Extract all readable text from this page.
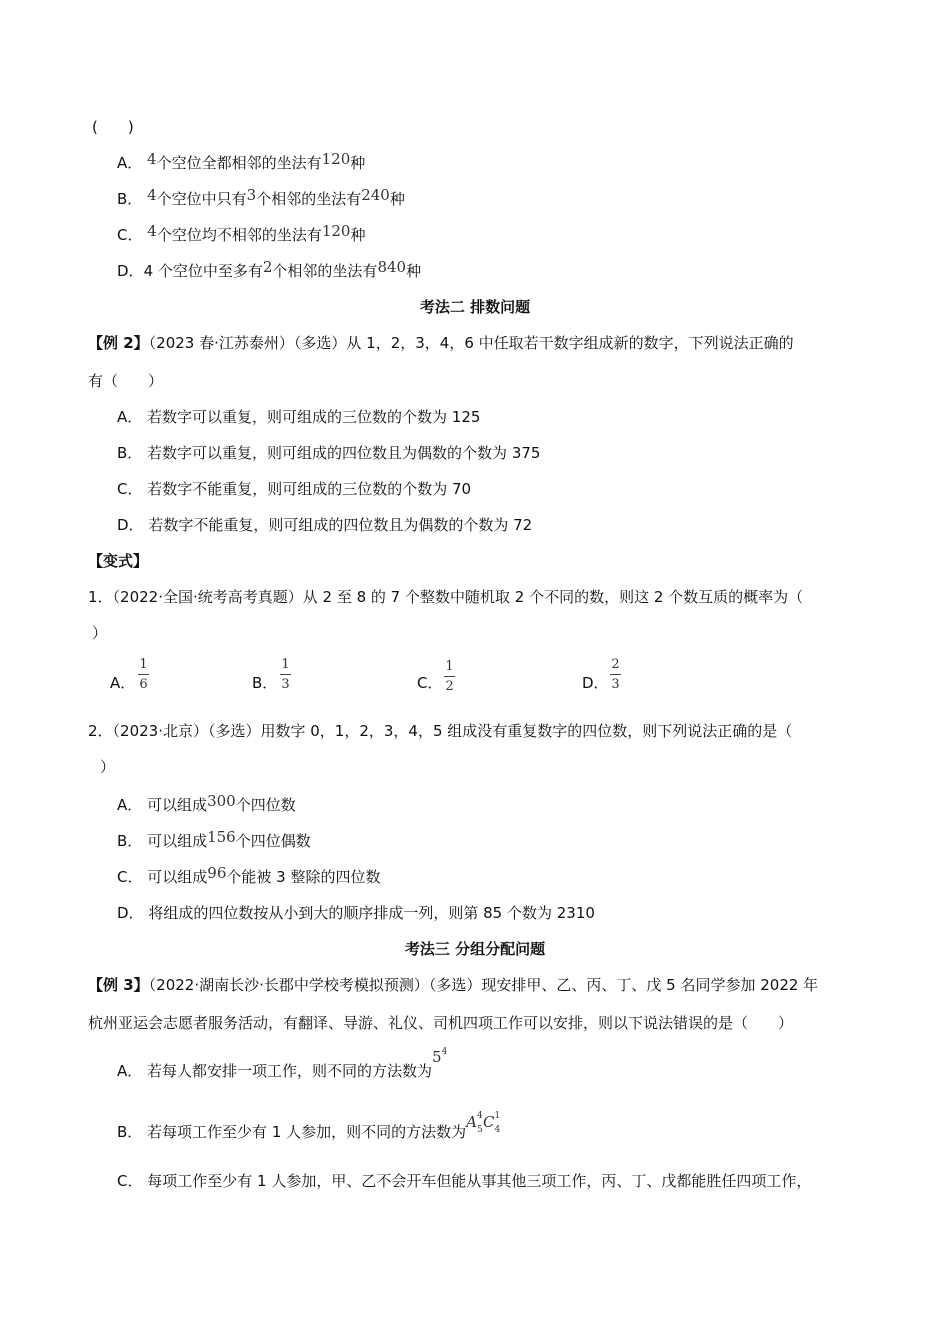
(　　)
A． 4个空位全都相邻的坐法有120种
B． 4个空位中只有3个相邻的坐法有240种
C． 4个空位均不相邻的坐法有120种
D．4 个空位中至多有2个相邻的坐法有840种
考法二 排数问题
【例 2】（2023 春·江苏泰州）（多选）从 1，2，3，4，6 中任取若干数字组成新的数字，下列说法正确的
有（　　）
A． 若数字可以重复，则可组成的三位数的个数为 125
B． 若数字可以重复，则可组成的四位数且为偶数的个数为 375
C． 若数字不能重复，则可组成的三位数的个数为 70
D． 若数字不能重复，则可组成的四位数且为偶数的个数为 72
【变式】
1．（2022·全国·统考高考真题）从 2 至 8 的 7 个整数中随机取 2 个不同的数，则这 2 个数互质的概率为（
）
A．
1
6	B．
1
3	C．
1
2	D．
2
3
2．（2023·北京）（多选）用数字 0，1，2，3，4，5 组成没有重复数字的四位数，则下列说法正确的是（
）
A． 可以组成300个四位数
B． 可以组成156个四位偶数
C． 可以组成96个能被 3 整除的四位数
D． 将组成的四位数按从小到大的顺序排成一列，则第 85 个数为 2310
考法三 分组分配问题
【例 3】（2022·湖南长沙·长郡中学校考模拟预测）（多选）现安排甲、乙、丙、丁、戊 5 名同学参加 2022 年
杭州亚运会志愿者服务活动，有翻译、导游、礼仪、司机四项工作可以安排，则以下说法错误的是（　　）
A． 若每人都安排一项工作，则不同的方法数为$5^4$
B． 若每项工作至少有 1 人参加，则不同的方法数为A 4
5 C 1
4
C． 每项工作至少有 1 人参加，甲、乙不会开车但能从事其他三项工作，丙、丁、戊都能胜任四项工作，
